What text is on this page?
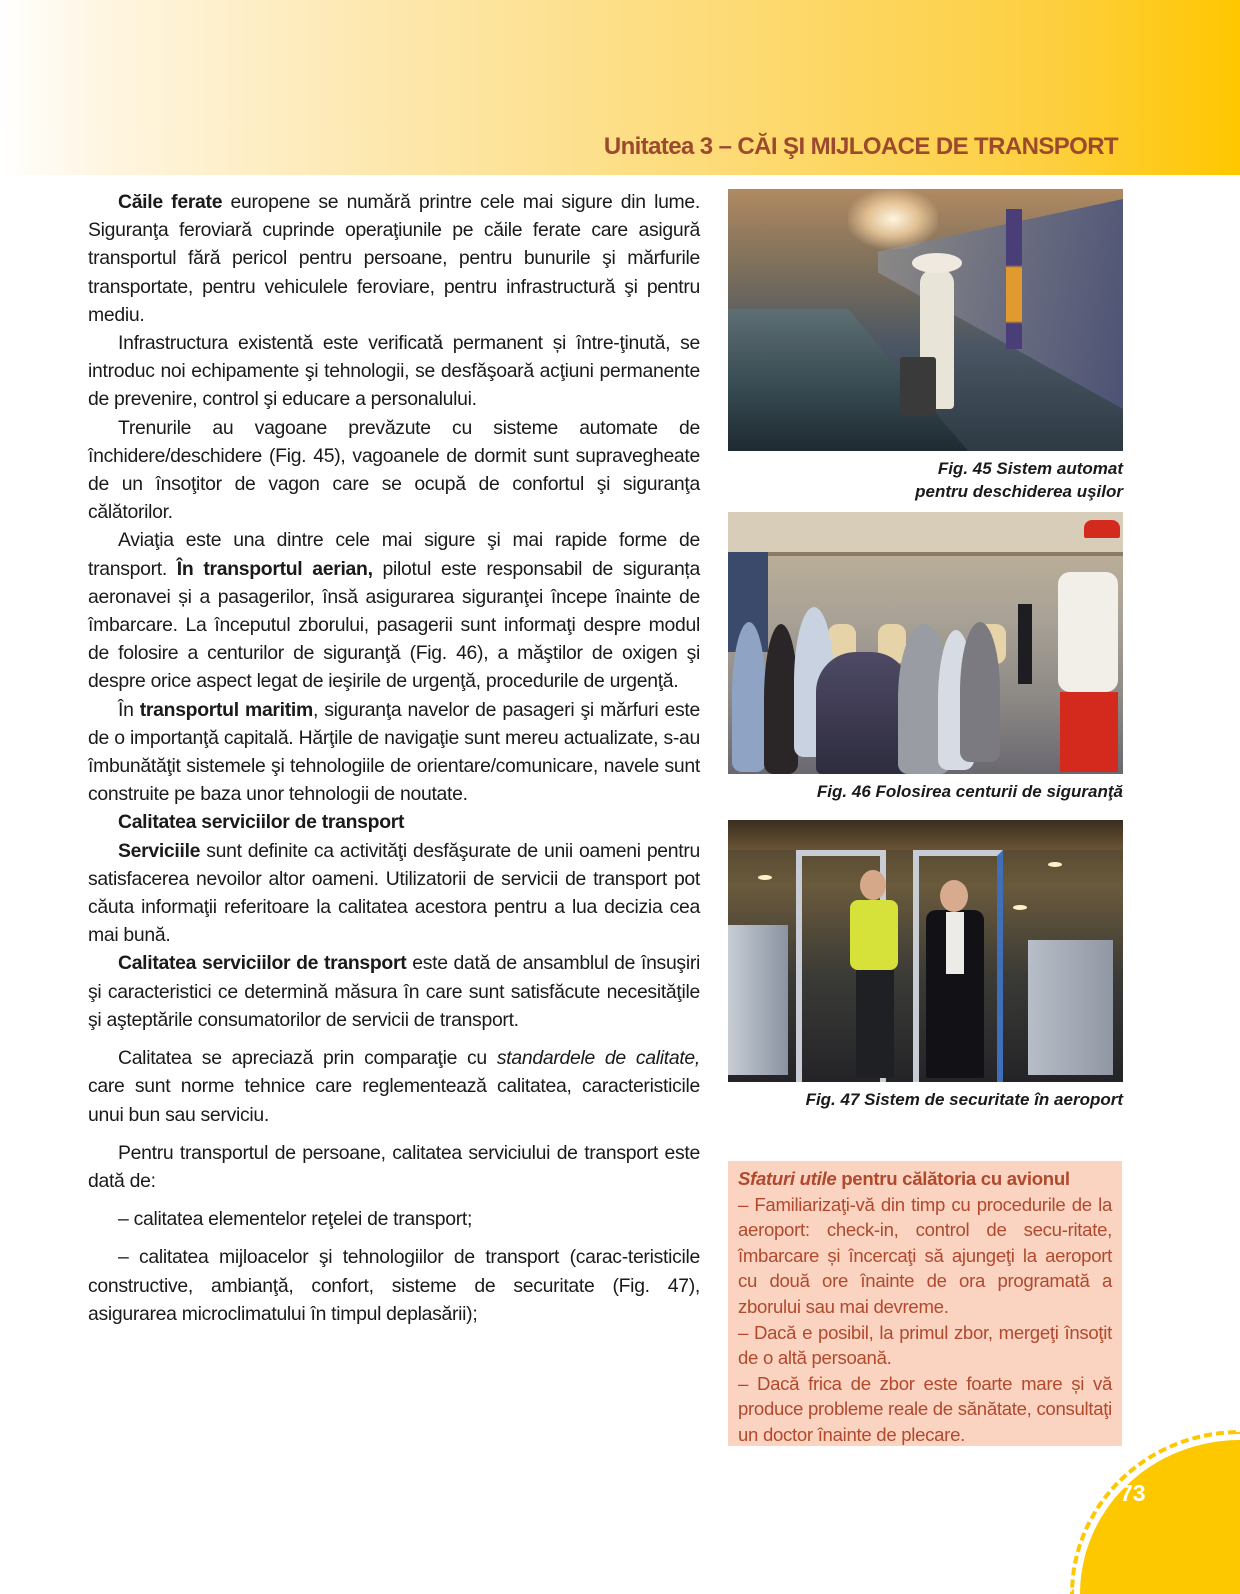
Unitatea 3 – CĂI ŞI MIJLOACE DE TRANSPORT

Căile ferate europene se numără printre cele mai sigure din lume. Siguranţa feroviară cuprinde operaţiunile pe căile ferate care asigură transportul fără pericol pentru persoane, pentru bunurile şi mărfurile transportate, pentru vehiculele feroviare, pentru infrastructură şi pentru mediu.

Infrastructura existentă este verificată permanent și între-ţinută, se introduc noi echipamente şi tehnologii, se desfăşoară acţiuni permanente de prevenire, control şi educare a personalului.

Trenurile au vagoane prevăzute cu sisteme automate de închidere/deschidere (Fig. 45), vagoanele de dormit sunt supravegheate de un însoţitor de vagon care se ocupă de confortul şi siguranţa călătorilor.

Aviaţia este una dintre cele mai sigure şi mai rapide forme de transport. În transportul aerian, pilotul este responsabil de siguranța aeronavei și a pasagerilor, însă asigurarea siguranţei începe înainte de îmbarcare. La începutul zborului, pasagerii sunt informaţi despre modul de folosire a centurilor de siguranţă (Fig. 46), a măştilor de oxigen şi despre orice aspect legat de ieşirile de urgenţă, procedurile de urgenţă.

În transportul maritim, siguranţa navelor de pasageri şi mărfuri este de o importanţă capitală. Hărţile de navigaţie sunt mereu actualizate, s-au îmbunătăţit sistemele şi tehnologiile de orientare/comunicare, navele sunt construite pe baza unor tehnologii de noutate.

Calitatea serviciilor de transport

Serviciile sunt definite ca activităţi desfăşurate de unii oameni pentru satisfacerea nevoilor altor oameni. Utilizatorii de servicii de transport pot căuta informaţii referitoare la calitatea acestora pentru a lua decizia cea mai bună.

Calitatea serviciilor de transport este dată de ansamblul de însuşiri şi caracteristici ce determină măsura în care sunt satisfăcute necesităţile şi aşteptările consumatorilor de servicii de transport.

Calitatea se apreciază prin comparaţie cu standardele de calitate, care sunt norme tehnice care reglementează calitatea, caracteristicile unui bun sau serviciu.

Pentru transportul de persoane, calitatea serviciului de transport este dată de:

– calitatea elementelor reţelei de transport;

– calitatea mijloacelor şi tehnologiilor de transport (carac-teristicile constructive, ambianţă, confort, sisteme de securitate (Fig. 47), asigurarea microclimatului în timpul deplasării);

Fig. 45 Sistem automat
pentru deschiderea uşilor
Fig. 46 Folosirea centurii de siguranţă
Fig. 47 Sistem de securitate în aeroport

Sfaturi utile pentru călătoria cu avionul

– Familiarizaţi-vă din timp cu procedurile de la aeroport: check-in, control de secu-ritate, îmbarcare și încercaţi să ajungeţi la aeroport cu două ore înainte de ora programată a zborului sau mai devreme.

– Dacă e posibil, la primul zbor, mergeţi însoţit de o altă persoană.

– Dacă frica de zbor este foarte mare și vă produce probleme reale de sănătate, consultaţi un doctor înainte de plecare.

73
